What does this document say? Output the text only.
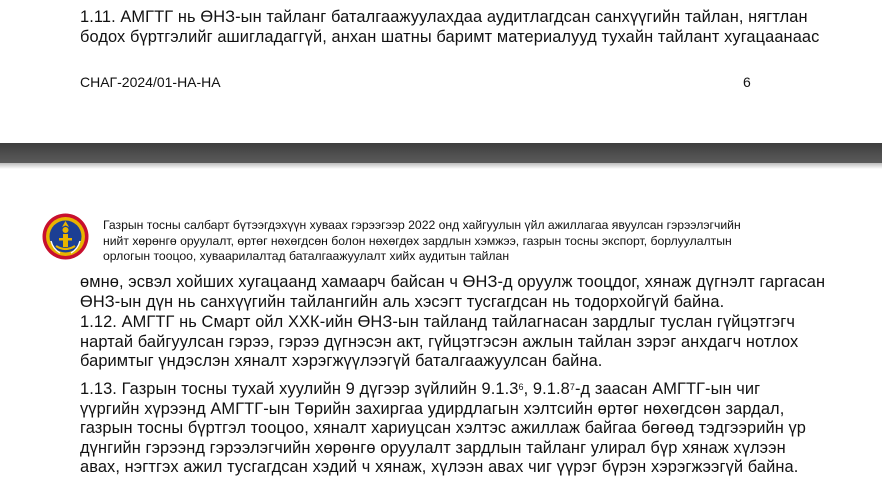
1.11. АМГТГ нь ӨНЗ-ын тайланг баталгаажуулахдаа аудитлагдсан санхүүгийн тайлан, нягтлан
бодох бүртгэлийг ашигладаггүй, анхан шатны баримт материалууд тухайн тайлант хугацаанаас
СНАГ-2024/01-НА-НА	6
Газрын тосны салбарт бүтээгдэхүүн хуваах гэрээгээр 2022 онд хайгуулын үйл ажиллагаа явуулсан гэрээлэгчийн
нийт хөрөнгө оруулалт, өртөг нөхөгдсөн болон нөхөгдөх зардлын хэмжээ, газрын тосны экспорт, борлуулалтын
орлогын тооцоо, хуваарилалтад баталгаажуулалт хийх аудитын тайлан
өмнө, эсвэл хойших хугацаанд хамаарч байсан ч ӨНЗ-д оруулж тооцдог, хянаж дүгнэлт гаргасан
ӨНЗ-ын дүн нь санхүүгийн тайлангийн аль хэсэгт тусгагдсан нь тодорхойгүй байна.
1.12. АМГТГ нь Смарт ойл ХХК-ийн ӨНЗ-ын тайланд тайлагнасан зардлыг туслан гүйцэтгэгч
нартай байгуулсан гэрээ, гэрээ дүгнэсэн акт, гүйцэтгэсэн ажлын тайлан зэрэг анхдагч нотлох
баримтыг үндэслэн хяналт хэрэгжүүлээгүй баталгаажуулсан байна.
1.13. Газрын тосны тухай хуулийн 9 дүгээр зүйлийн 9.1.3$^6$, 9.1.8$^7$-д заасан АМГТГ-ын чиг
үүргийн хүрээнд АМГТГ-ын Төрийн захиргаа удирдлагын хэлтсийн өртөг нөхөгдсөн зардал,
газрын тосны бүртгэл тооцоо, хяналт хариуцсан хэлтэс ажиллаж байгаа бөгөөд тэдгээрийн үр
дүнгийн гэрээнд гэрээлэгчийн хөрөнгө оруулалт зардлын тайланг улирал бүр хянаж хүлээн
авах, нэгтгэх ажил тусгагдсан хэдий ч хянаж, хүлээн авах чиг үүрэг бүрэн хэрэгжээгүй байна.
